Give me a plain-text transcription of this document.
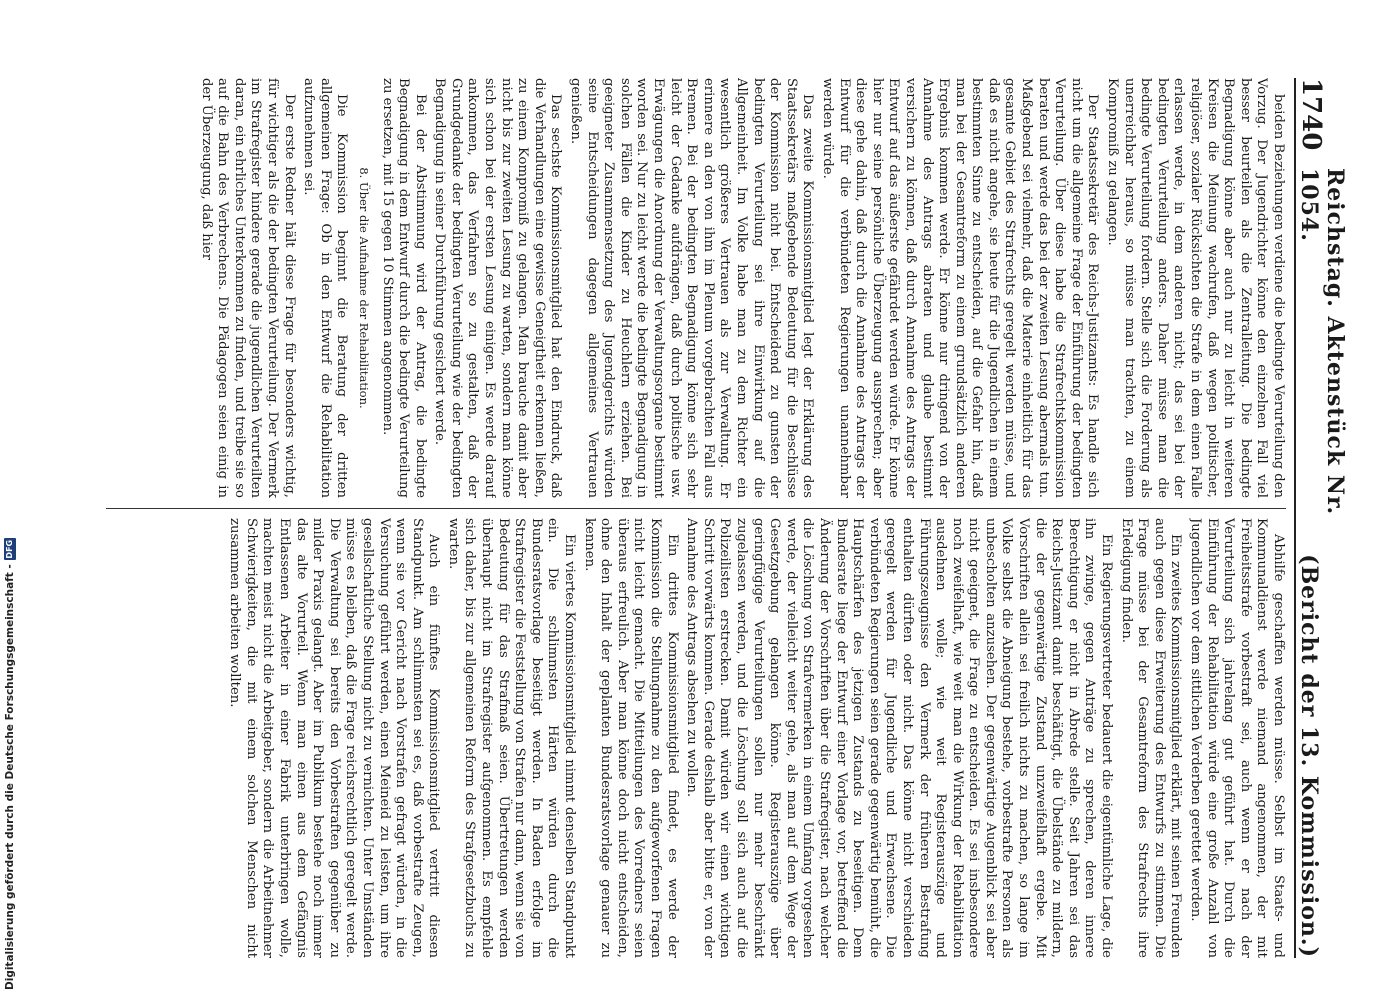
1740
Reichstag. Aktenstück Nr. 1054.
(Bericht der 13. Kommission.)

beiden Beziehungen verdiene die bedingte Verurteilung den Vorzug. Der Jugendrichter könne den einzelnen Fall viel besser beurteilen als die Zentralleitung. Die bedingte Begnadigung könne aber auch nur zu leicht in weiteren Kreisen die Meinung wachrufen, daß wegen politischer, religiöser, sozialer Rücksichten die Strafe in dem einen Falle erlassen werde, in dem anderen nicht; das sei bei der bedingten Verurteilung anders. Daher müsse man die bedingte Verurteilung fordern. Stelle sich die Forderung als unerreichbar heraus, so müsse man trachten, zu einem Kompromiß zu gelangen.

Der Staatssekretär des Reichs-Justizamts: Es handle sich nicht um die allgemeine Frage der Einführung der bedingten Verurteilung. Über diese habe die Strafrechtskommission beraten und werde das bei der zweiten Lesung abermals tun. Maßgebend sei vielmehr, daß die Materie einheitlich für das gesamte Gebiet des Strafrechts geregelt werden müsse, und daß es nicht angehe, sie heute für die Jugendlichen in einem bestimmten Sinne zu entscheiden, auf die Gefahr hin, daß man bei der Gesamtreform zu einem grundsätzlich anderen Ergebnis kommen werde. Er könne nur dringend von der Annahme des Antrags abraten und glaube bestimmt versichern zu können, daß durch Annahme des Antrags der Entwurf auf das äußerste gefährdet werden würde. Er könne hier nur seine persönliche Überzeugung aussprechen; aber diese gehe dahin, daß durch die Annahme des Antrags der Entwurf für die verbündeten Regierungen unannehmbar werden würde.

Das zweite Kommissionsmitglied legt der Erklärung des Staatssekretärs maßgebende Bedeutung für die Beschlüsse der Kommission nicht bei. Entscheidend zu gunsten der bedingten Verurteilung sei ihre Einwirkung auf die Allgemeinheit. Im Volke habe man zu dem Richter ein wesentlich größeres Vertrauen als zur Verwaltung. Er erinnere an den von ihm im Plenum vorgebrachten Fall aus Bremen. Bei der bedingten Begnadigung könne sich sehr leicht der Gedanke aufdrängen, daß durch politische usw. Erwägungen die Anordnung der Verwaltungsorgane bestimmt worden sei. Nur zu leicht werde die bedingte Begnadigung in solchen Fällen die Kinder zu Heuchlern erziehen. Bei geeigneter Zusammensetzung des Jugendgerichts würden seine Entscheidungen dagegen allgemeines Vertrauen genießen.

Das sechste Kommissionsmitglied hat den Eindruck, daß die Verhandlungen eine gewisse Geneigtheit erkennen ließen, zu einem Kompromiß zu gelangen. Man brauche damit aber nicht bis zur zweiten Lesung zu warten, sondern man könne sich schon bei der ersten Lesung einigen. Es werde darauf ankommen, das Verfahren so zu gestalten, daß der Grundgedanke der bedingten Verurteilung wie der bedingten Begnadigung in seiner Durchführung gesichert werde.

Bei der Abstimmung wird der Antrag, die bedingte Begnadigung in dem Entwurf durch die bedingte Verurteilung zu ersetzen, mit 15 gegen 10 Stimmen angenommen.

8. Über die Aufnahme der Rehabilitation.

Die Kommission beginnt die Beratung der dritten allgemeinen Frage: Ob in den Entwurf die Rehabilitation aufzunehmen sei.

Der erste Redner hält diese Frage für besonders wichtig, für wichtiger als die der bedingten Verurteilung. Der Vermerk im Strafregister hindere gerade die jugendlichen Verurteilten daran, ein ehrliches Unterkommen zu finden, und treibe sie so auf die Bahn des Verbrechens. Die Pädagogen seien einig in der Überzeugung, daß hier

Abhilfe geschaffen werden müsse. Selbst im Staats- und Kommunaldienst werde niemand angenommen, der mit Freiheitsstrafe vorbestraft sei, auch wenn er nach der Verurteilung sich jahrelang gut geführt hat. Durch die Einführung der Rehabilitation würde eine große Anzahl von Jugendlichen vor dem sittlichen Verderben gerettet werden.

Ein zweites Kommissionsmitglied erklärt, mit seinen Freunden auch gegen diese Erweiterung des Entwurfs zu stimmen. Die Frage müsse bei der Gesamtreform des Strafrechts ihre Erledigung finden.

Ein Regierungsvertreter bedauert die eigentümliche Lage, die ihn zwinge, gegen Anträge zu sprechen, deren innere Berechtigung er nicht in Abrede stelle. Seit Jahren sei das Reichs-Justizamt damit beschäftigt, die Übelstände zu mildern, die der gegenwärtige Zustand unzweifelhaft ergebe. Mit Vorschriften allein sei freilich nichts zu machen, so lange im Volke selbst die Abneigung bestehe, vorbestrafte Personen als unbescholten anzusehen. Der gegenwärtige Augenblick sei aber nicht geeignet, die Frage zu entscheiden. Es sei insbesondere noch zweifelhaft, wie weit man die Wirkung der Rehabilitation ausdehnen wolle; wie weit Registerauszüge und Führungszeugnisse den Vermerk der früheren Bestrafung enthalten dürften oder nicht. Das könne nicht verschieden geregelt werden für Jugendliche und Erwachsene. Die verbündeten Regierungen seien gerade gegenwärtig bemüht, die Hauptschärfen des jetzigen Zustands zu beseitigen. Dem Bundesrate liege der Entwurf einer Vorlage vor, betreffend die Änderung der Vorschriften über die Strafregister, nach welcher die Löschung von Strafvermerken in einem Umfang vorgesehen werde, der vielleicht weiter gehe, als man auf dem Wege der Gesetzgebung gelangen könne. Registerauszüge über geringfügige Verurteilungen sollen nur mehr beschränkt zugelassen werden, und die Löschung soll sich auch auf die Polizeilisten erstrecken. Damit würden wir einen wichtigen Schritt vorwärts kommen. Gerade deshalb aber bitte er, von der Annahme des Antrags absehen zu wollen.

Ein drittes Kommissionsmitglied findet, es werde der Kommission die Stellungnahme zu den aufgeworfenen Fragen nicht leicht gemacht. Die Mitteilungen des Vorredners seien überaus erfreulich. Aber man könne doch nicht entscheiden, ohne den Inhalt der geplanten Bundesratsvorlage genauer zu kennen.

Ein viertes Kommissionsmitglied nimmt denselben Standpunkt ein. Die schlimmsten Härten würden durch die Bundesratsvorlage beseitigt werden. In Baden erfolge im Strafregister die Feststellung von Strafen nur dann, wenn sie von Bedeutung für das Strafmaß seien. Übertretungen werden überhaupt nicht im Strafregister aufgenommen. Es empfehle sich daher, bis zur allgemeinen Reform des Strafgesetzbuchs zu warten.

Auch ein fünftes Kommissionsmitglied vertritt diesen Standpunkt. Am schlimmsten sei es, daß vorbestrafte Zeugen, wenn sie vor Gericht nach Vorstrafen gefragt würden, in die Versuchung geführt werden, einen Meineid zu leisten, um ihre gesellschaftliche Stellung nicht zu vernichten. Unter Umständen müsse es bleiben, daß die Frage reichsrechtlich geregelt werde. Die Verwaltung sei bereits den Vorbestraften gegenüber zu milder Praxis gelangt. Aber im Publikum bestehe noch immer das alte Vorurteil. Wenn man einen aus dem Gefängnis Entlassenen Arbeiter in einer Fabrik unterbringen wolle, machten meist nicht die Arbeitgeber, sondern die Arbeitnehmer Schwierigkeiten, die mit einem solchen Menschen nicht zusammen arbeiten wollten.

Digitalisierung gefördert durch die Deutsche Forschungsgemeinschaft -
DFG
